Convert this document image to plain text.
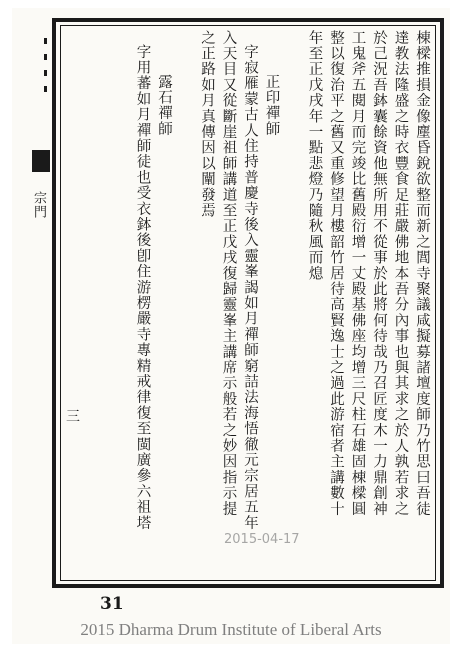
宗門
三	棟樑推損金像塵昏銳欲整而新之閭寺聚議咸擬募諸壇度師乃竹思曰吾徒
達教法隆盛之時衣豐食足莊嚴佛地本吾分內事也與其求之於人孰若求之
於己況吾鉢囊餘資他無所用不從事於此將何待哉乃召匠度木一力鼎創神
工鬼斧五閱月而完竣比舊殿衍增一丈殿基佛座均增三尺柱石雄固棟樑圓
整以復治平之舊又重修望月樓韶竹居待高賢逸士之過此游宿者主講數十
年至正戊戌年一點悲燈乃隨秋風而熄
正印禪師
字寂雁蒙古人住持普慶寺後入靈峯謁如月禪師窮詰法海悟徹元宗居五年
入天目又從斷崖祖師講道至正戊戌復歸靈峯主講席示般若之妙因指示提
之正路如月真傳因以闡發焉
露石禪師
字用蕃如月禪師徒也受衣鉢後卽住游楞嚴寺專精戒律復至閩廣參六祖塔
2015-04-17
31
2015 Dharma Drum Institute of Liberal Arts
